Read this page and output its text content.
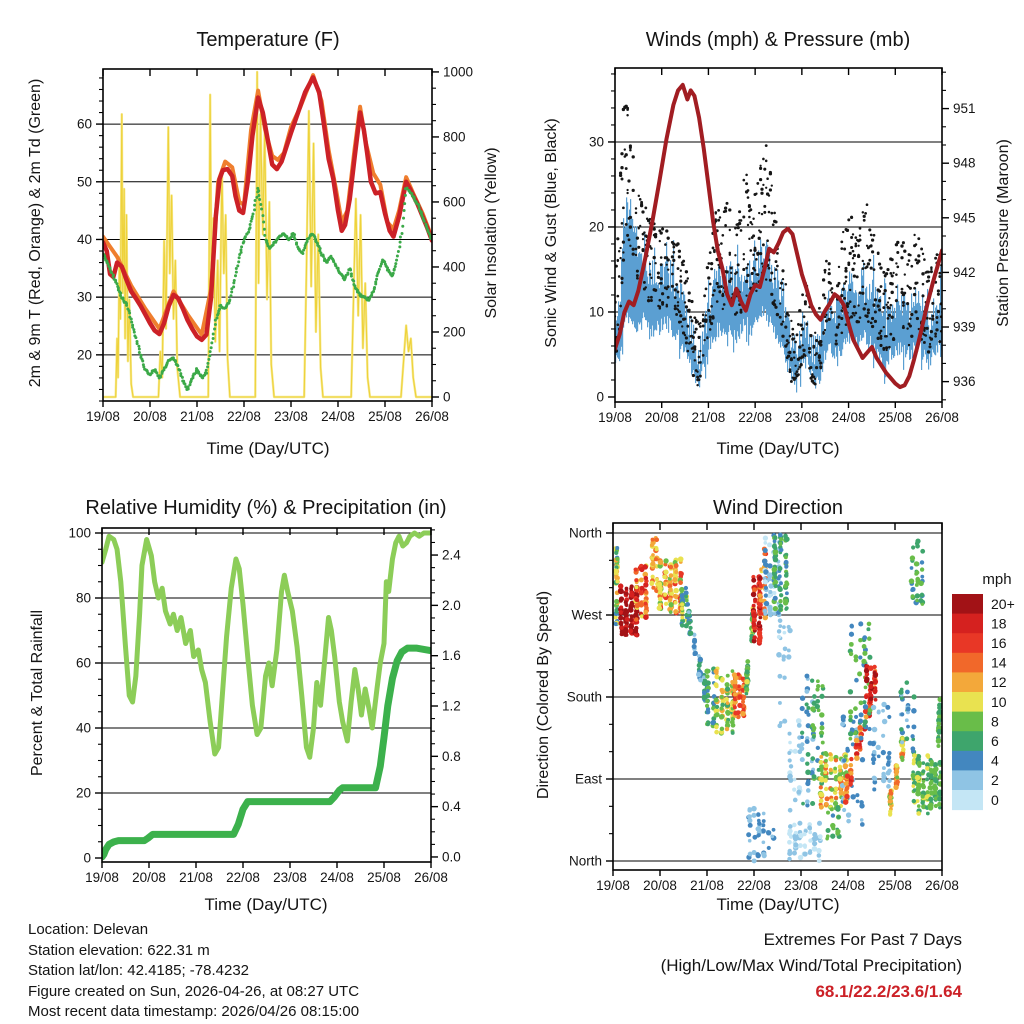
Temperature (F)	Winds (mph) & Pressure (mb)
Relative Humidity (%) & Precipitation (in)	Wind Direction
Time (Day/UTC)	Time (Day/UTC)
Time (Day/UTC)	Time (Day/UTC)
2m & 9m T (Red, Orange) & 2m Td (Green)	Solar Insolation (Yellow)	Sonic Wind & Gust (Blue, Black)	Station Pressure (Maroon)
Percent & Total Rainfall	Direction (Colored By Speed)
mph
Location: Delevan
Station elevation: 622.31 m
Station lat/lon: 42.4185; -78.4232
Figure created on Sun, 2026-04-26, at 08:27 UTC
Most recent data timestamp: 2026/04/26 08:15:00
Extremes For Past 7 Days
(High/Low/Max Wind/Total Precipitation)
68.1/22.2/23.6/1.64
